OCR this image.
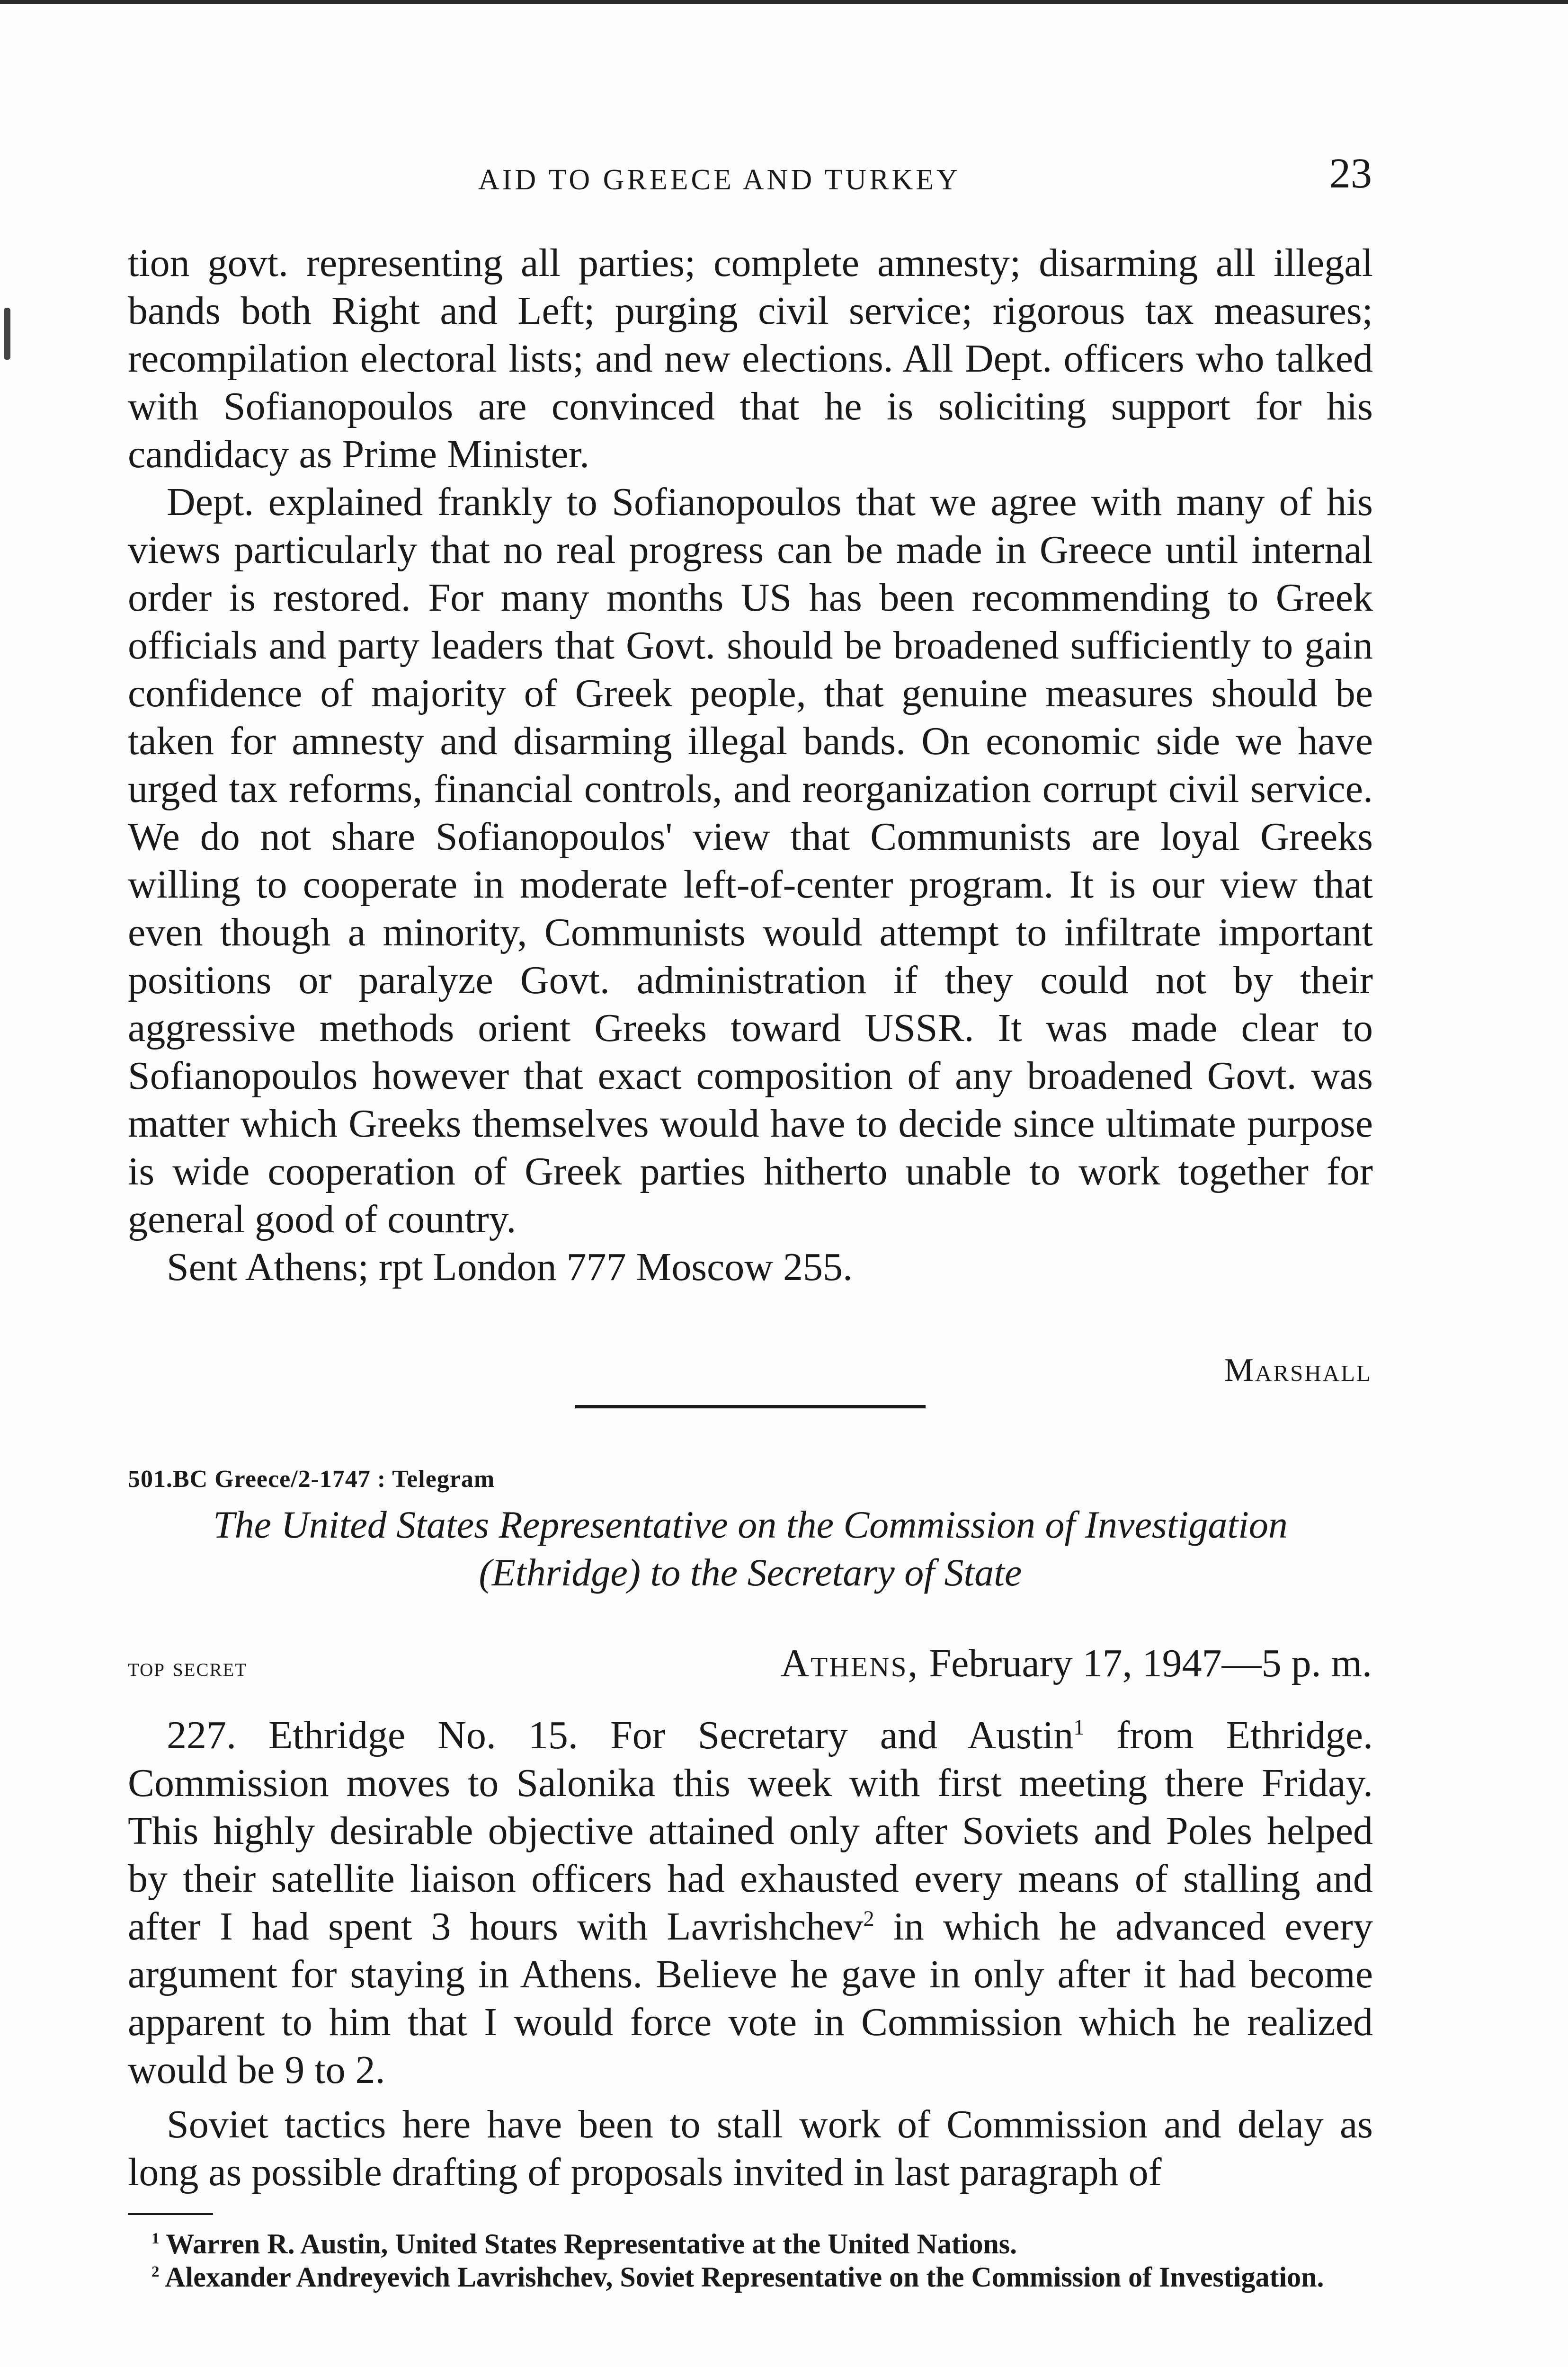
AID TO GREECE AND TURKEY	23

tion govt. representing all parties; complete amnesty; disarming all illegal bands both Right and Left; purging civil service; rigorous tax measures; recompilation electoral lists; and new elections. All Dept. officers who talked with Sofianopoulos are convinced that he is soliciting support for his candidacy as Prime Minister.

Dept. explained frankly to Sofianopoulos that we agree with many of his views particularly that no real progress can be made in Greece until internal order is restored. For many months US has been recommending to Greek officials and party leaders that Govt. should be broadened sufficiently to gain confidence of majority of Greek people, that genuine measures should be taken for amnesty and disarming illegal bands. On economic side we have urged tax reforms, financial controls, and reorganization corrupt civil service. We do not share Sofianopoulos' view that Communists are loyal Greeks willing to cooperate in moderate left-of-center program. It is our view that even though a minority, Communists would attempt to infiltrate important positions or paralyze Govt. administration if they could not by their aggressive methods orient Greeks toward USSR. It was made clear to Sofianopoulos however that exact composition of any broadened Govt. was matter which Greeks themselves would have to decide since ultimate purpose is wide cooperation of Greek parties hitherto unable to work together for general good of country.

Sent Athens; rpt London 777 Moscow 255.

Marshall
501.BC Greece/2-1747 : Telegram
The United States Representative on the Commission of Investigation
(Ethridge) to the Secretary of State
top secret	Athens, February 17, 1947—5 p. m.

227. Ethridge No. 15. For Secretary and Austin$^1$ from Ethridge. Commission moves to Salonika this week with first meeting there Friday. This highly desirable objective attained only after Soviets and Poles helped by their satellite liaison officers had exhausted every means of stalling and after I had spent 3 hours with Lavrishchev$^2$ in which he advanced every argument for staying in Athens. Believe he gave in only after it had become apparent to him that I would force vote in Commission which he realized would be 9 to 2.

Soviet tactics here have been to stall work of Commission and delay as long as possible drafting of proposals invited in last paragraph of

$^1$ Warren R. Austin, United States Representative at the United Nations.

$^2$ Alexander Andreyevich Lavrishchev, Soviet Representative on the Commission of Investigation.
